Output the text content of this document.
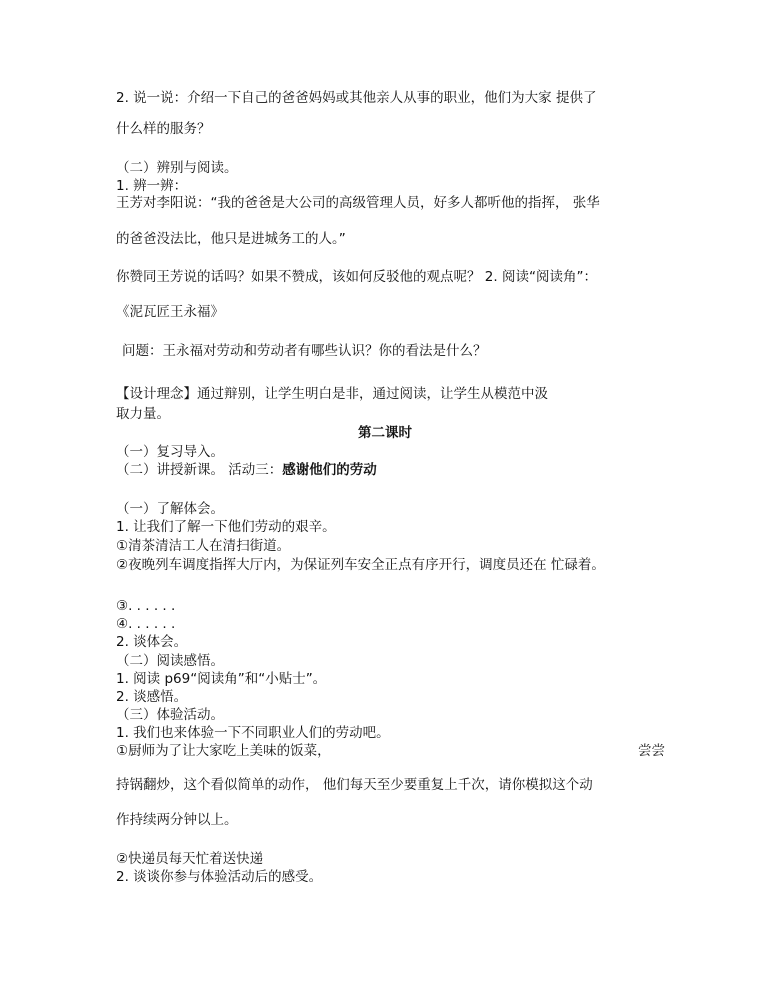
2. 说一说：介绍一下自己的爸爸妈妈或其他亲人从事的职业，他们为大家 提供了
什么样的服务？
（二）辨别与阅读。
1. 辨一辨：
王芳对李阳说：“我的爸爸是大公司的高级管理人员，好多人都听他的指挥， 张华
的爸爸没法比，他只是进城务工的人。”
你赞同王芳说的话吗？如果不赞成，该如何反驳他的观点呢？ 2. 阅读“阅读角”：
《泥瓦匠王永福》
问题：王永福对劳动和劳动者有哪些认识？你的看法是什么？
【设计理念】通过辩别，让学生明白是非，通过阅读，让学生从模范中汲
取力量。
第二课时
（一）复习导入。
（二）讲授新课。 活动三：感谢他们的劳动
（一）了解体会。
1. 让我们了解一下他们劳动的艰辛。
①清茶清洁工人在清扫街道。
②夜晚列车调度指挥大厅内，为保证列车安全正点有序开行，调度员还在 忙碌着。
③. . . . . .
④. . . . . .
2. 谈体会。
（二）阅读感悟。
1. 阅读 p69“阅读角”和“小贴士”。
2. 谈感悟。
（三）体验活动。
1. 我们也来体验一下不同职业人们的劳动吧。
①厨师为了让大家吃上美味的饭菜，	尝尝
持锅翻炒，这个看似简单的动作， 他们每天至少要重复上千次，请你模拟这个动
作持续两分钟以上。
②快递员每天忙着送快递
2. 谈谈你参与体验活动后的感受。
